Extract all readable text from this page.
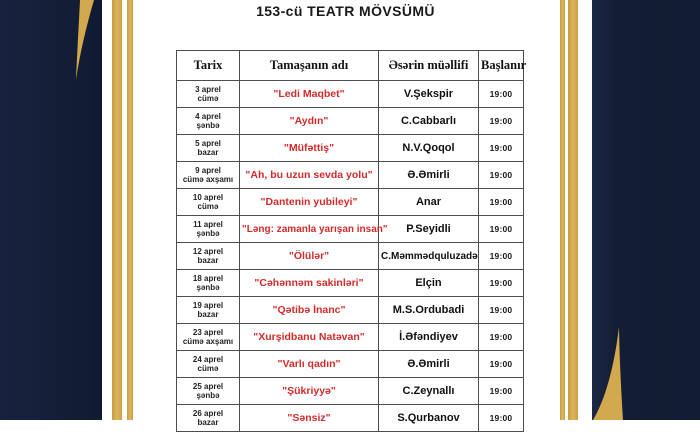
153-cü TEATR MÖVSÜMÜ
Tarix	Tamaşanın adı	Əsərin müəllifi	Başlanır
3 aprel
cümə	"Ledi Maqbet"	V.Şekspir	19:00
4 aprel
şənbə	"Aydın"	C.Cabbarlı	19:00
5 aprel
bazar	"Müfəttiş"	N.V.Qoqol	19:00
9 aprel
cümə axşamı	"Ah, bu uzun sevda yolu"	Ə.Əmirli	19:00
10 aprel
cümə	"Dantenin yubileyi"	Anar	19:00
11 aprel
şənbə	"Ləng: zamanla yarışan insan"	P.Seyidli	19:00
12 aprel
bazar	"Ölülər"	C.Məmmədquluzadə	19:00
18 aprel
şənbə	"Cəhənnəm sakinləri"	Elçin	19:00
19 aprel
bazar	"Qətibə İnanc"	M.S.Ordubadi	19:00
23 aprel
cümə axşamı	"Xurşidbanu Natəvan"	İ.Əfəndiyev	19:00
24 aprel
cümə	"Varlı qadın"	Ə.Əmirli	19:00
25 aprel
şənbə	"Şükriyyə"	C.Zeynallı	19:00
26 aprel
bazar	"Sənsiz"	S.Qurbanov	19:00
